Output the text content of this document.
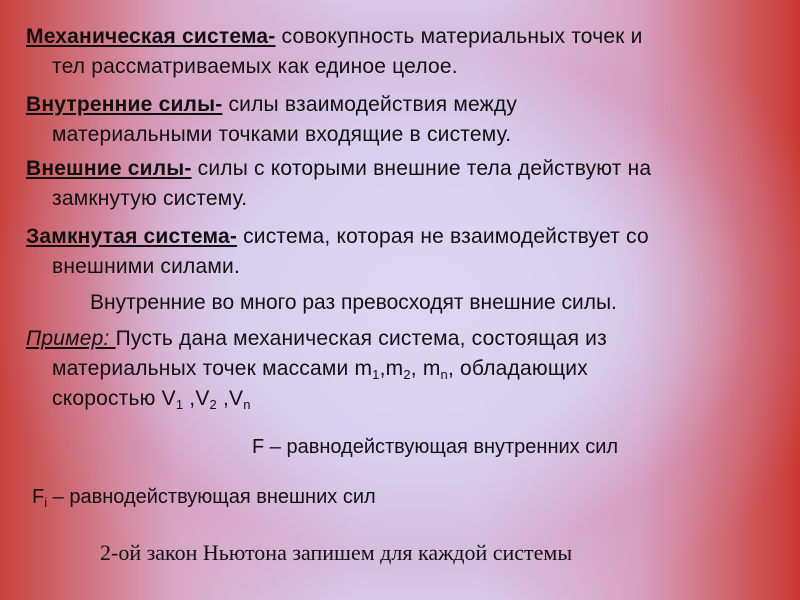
Механическая система- совокупность материальных точек и
тел рассматриваемых как единое целое.
Внутренние силы- силы взаимодействия между
материальными точками входящие в систему.
Внешние силы- силы с которыми внешние тела действуют на
замкнутую систему.
Замкнутая система- система, которая не взаимодействует со
внешними силами.
Внутренние во много раз превосходят внешние силы.
Пример: Пусть дана механическая система, состоящая из
материальных точек массами $m_1,m_2$, $m_n$, обладающих
скоростью $V_1$ $,V_2$ $,V_n$
F – равнодействующая внутренних сил
$F_i$ – равнодействующая внешних сил
2-ой закон Ньютона запишем для каждой системы
